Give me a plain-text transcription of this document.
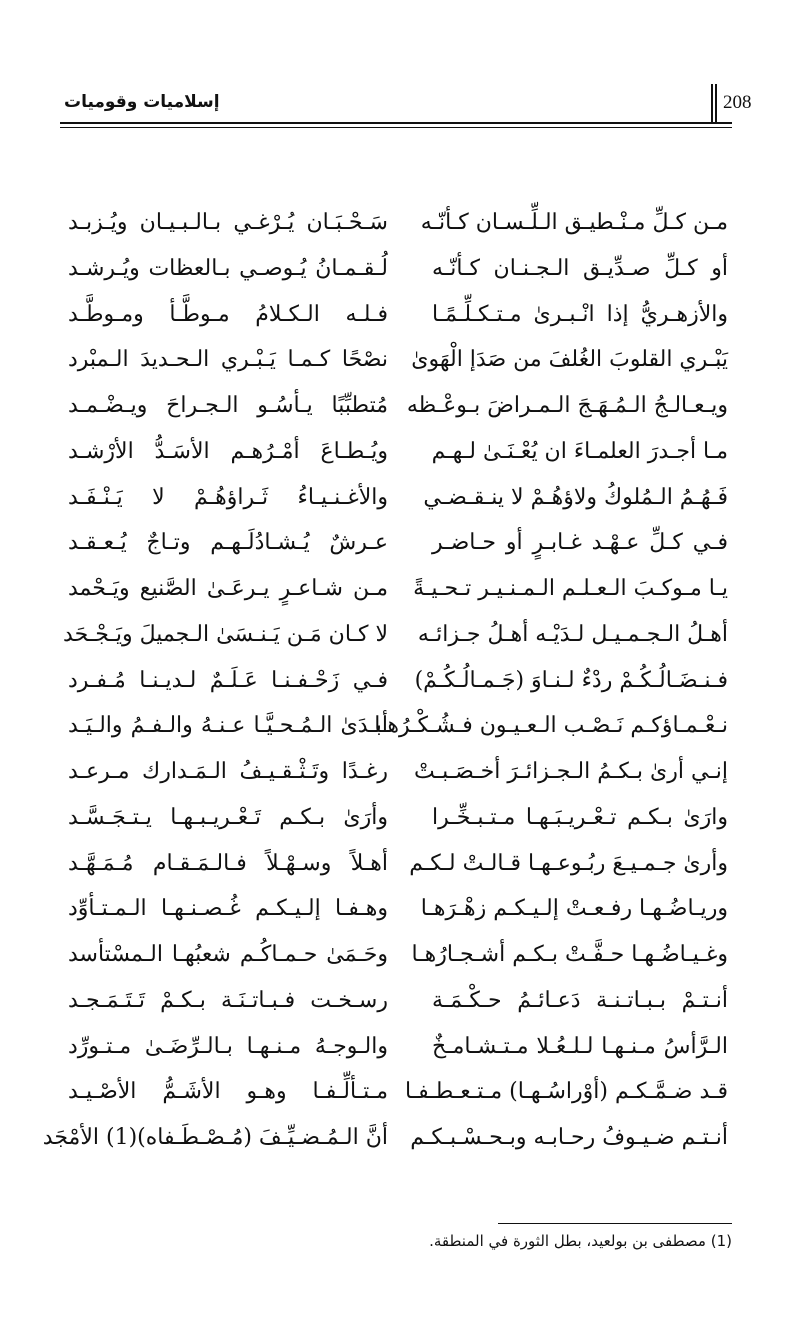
إسلاميات وقوميات	208
مـن كـلِّ مـنْـطيـق الـلِّـسـان كـأنّـه
أو كـلِّ صـدِّيـق الـجـنـان كـأنّـه
والأزهـريُّ إذا انْـبـرىٰ مـتـكـلِّـمًـا
يَبْـري القلوبَ الغُلفَ من صَدَإ الْهَوىٰ
ويـعـالـجُ الـمُـهَـجَ الـمـراضَ بـوعْـظه
مـا أجـدرَ العلمـاءَ ان يُعْـنَـىٰ لـهـم
فَـهُـمُ الـمُلوكُ ولاؤهُـمْ لا ينـقـضـي
فـي كـلِّ عـهْـد غـابـرٍ أو حـاضـر
يـا مـوكـبَ الـعـلـم الـمـنـيـر تـحـيـةً
أهـلُ الـجـمـيـل لـدَيْـه أهـلُ جـزائـه
فـنـضَـالُـكُـمْ ردْءٌ لـنـاوَ (جَـمـالُـكُـمْ)
نـعْـمـاؤكـم نَـصْـب الـعـيـون فـشُـكْـرُهـا
إنـي أرىٰ بـكـمُ الـجـزائـرَ أخـصَـبـتْ
وارَىٰ بـكـم تـعْـريـبَـهـا مـتـبـخِّـرا
وأرىٰ جـمـيـعَ ربُـوعـهـا قـالـتْ لـكـم
وريـاضُـهـا رفـعـتْ إلـيـكـم زهْـرَهـا
وغـيـاضُـهـا حـفَّـتْ بـكـم أشـجـارُهـا
أنـتـمْ بـبـاتـنـة دَعـائـمُ حـكْـمَـة
الـرَّأسُ مـنـهـا لـلـعُـلا مـتـشـامـخٌ
قـد ضـمَّـكـم (أوْراسُـهـا) مـتـعـطـفـا
أنـتـم ضـيـوفُ رحـابـه وبـحـسْـبـكـم
سَـحْـبَـان يُـرْغـي بـالـبـيـان ويُـزبـد
لُـقـمـانُ يُـوصـي بـالعظات ويُـرشـد
فـلـه الـكـلامُ مـوطَّـأ ومـوطَّـد
نصْحًا كـمـا يَـبْـري الـحـديدَ الـمبْرد
مُتطبِّبًا يـأسُـو الـجـراحَ ويـضْـمـد
ويُـطـاعَ أمْـرُهـم الأسَـدُّ الأرْشـد
والأغـنـيـاءُ ثَـراؤهُـمْ لا يَـنْـفَـد
عـرشٌ يُـشـادُلَـهـم وتـاجٌ يُـعـقـد
مـن شـاعـرٍ يـرعَـىٰ الصَّنيع ويَـحْمد
لا كـان مَـن يَـنـسَىٰ الـجميلَ ويَـجْـحَد
فـي زَحْـفـنـا عَـلَـمٌ لـديـنـا مُـفـرد
أبـدَىٰ الـمُـحـيَّـا عـنـهُ والـفـمُ والـيَـد
رغـدًا وتَـثْـقـيـفُ الـمَـدارك مـرعـد
وأرَىٰ بـكـم تَـعْـريـبـهـا يـتـجَـسَّـد
أهـلاً وسـهْـلاً فـالـمَـقـام مُـمَـهَّـد
وهـفـا إلـيـكـم غُـصـنـهـا الـمـتـأوِّد
وحَـمَىٰ حـمـاكُـم شعبُهـا الـمسْتأسد
رسـخـت فـبـاتـنَـة بـكـمْ تَـتَـمَـجـد
والـوجـهُ مـنـهـا بـالـرِّضَـىٰ مـتـورِّد
مـتـألِّـفـا وهـو الأشَـمُّ الأصْـيـد
أنَّ الـمُـضـيِّـفَ (مُـصْـطَـفاه)(1) الأمْجَد
(1) مصطفى بن بولعيد، بطل الثورة في المنطقة.
